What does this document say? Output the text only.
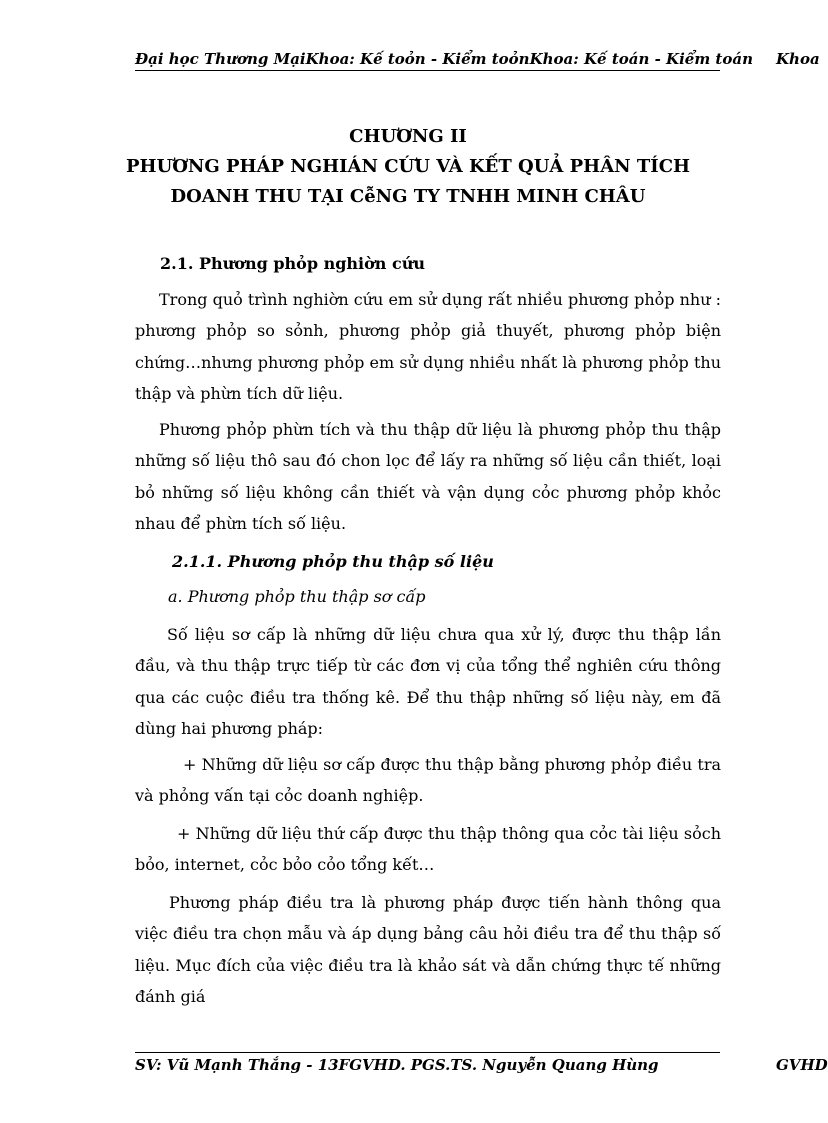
Đại học Thương MạiKhoa: Kế toỏn - Kiểm toỏnKhoa: Kế toán - Kiểm toán Khoa
CHƯƠNG II
PHƯƠNG PHÁP NGHIÁN CỨU VÀ KẾT QUẢ PHÂN TÍCH
DOANH THU TẠI CễNG TY TNHH MINH CHÂU

2.1. Phương phỏp nghiờn cứu

Trong quỏ trình nghiờn cứu em sử dụng rất nhiều phương phỏp như : phương phỏp so sỏnh, phương phỏp giả thuyết, phương phỏp biện chứng…nhưng phương phỏp em sử dụng nhiều nhất là phương phỏp thu thập và phừn tích dữ liệu.

Phương phỏp phừn tích và thu thập dữ liệu là phương phỏp thu thập những số liệu thô sau đó chon lọc để lấy ra những số liệu cần thiết, loại bỏ những số liệu không cần thiết và vận dụng cỏc phương phỏp khỏc nhau để phừn tích số liệu.

2.1.1. Phương phỏp thu thập số liệu

a. Phương phỏp thu thập sơ cấp

Số liệu sơ cấp là những dữ liệu chưa qua xử lý, được thu thập lần đầu, và thu thập trực tiếp từ các đơn vị của tổng thể nghiên cứu thông qua các cuộc điều tra thống kê. Để thu thập những số liệu này, em đã dùng hai phương pháp:

+ Những dữ liệu sơ cấp được thu thập bằng phương phỏp điều tra và phỏng vấn tại cỏc doanh nghiệp.

+ Những dữ liệu thứ cấp được thu thập thông qua cỏc tài liệu sỏch bỏo, internet, cỏc bỏo cỏo tổng kết…

Phương pháp điều tra là phương pháp được tiến hành thông qua việc điều tra chọn mẫu và áp dụng bảng câu hỏi điều tra để thu thập số liệu. Mục đích của việc điều tra là khảo sát và dẫn chứng thực tế những đánh giá

SV: Vũ Mạnh Thắng - 13FGVHD. PGS.TS. Nguyễn Quang Hùng	GVHD
